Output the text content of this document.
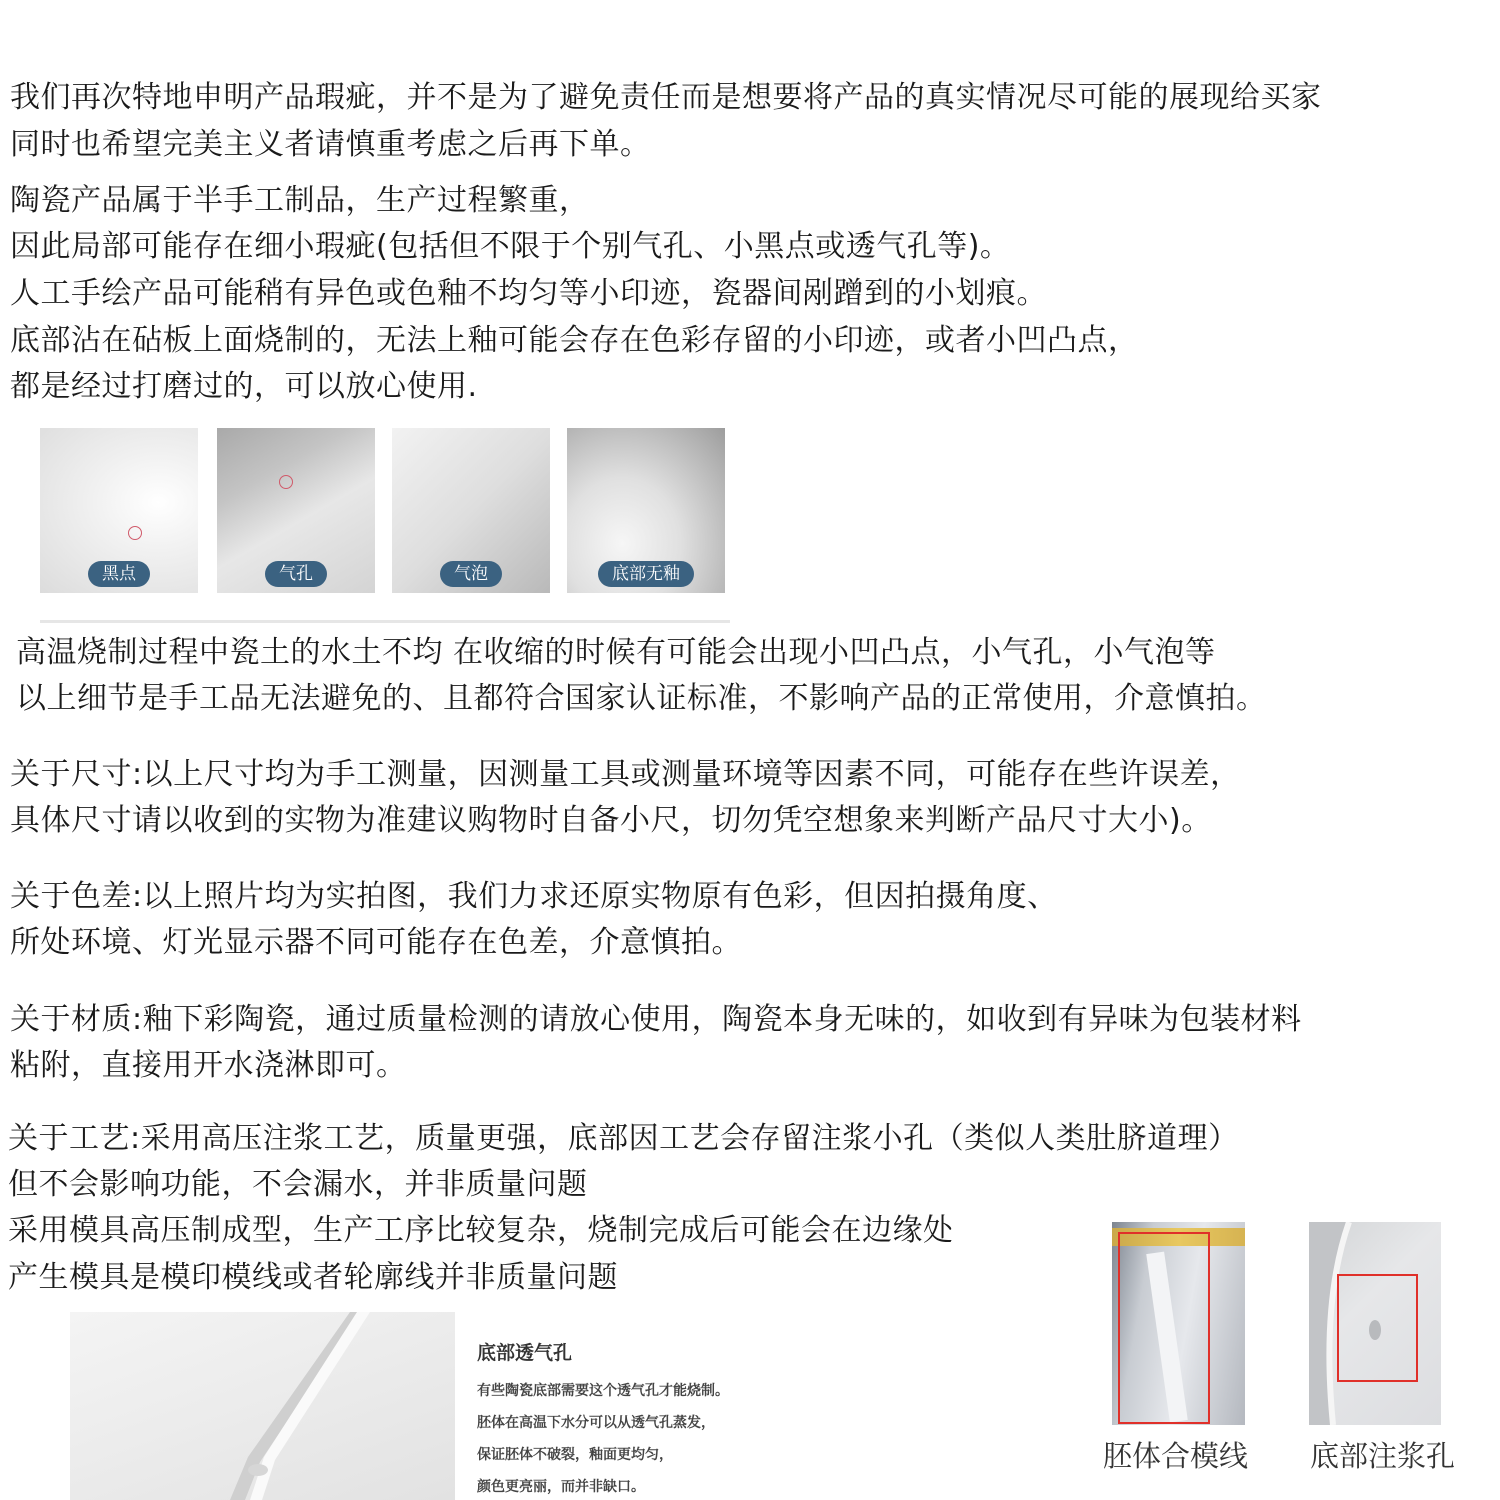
我们再次特地申明产品瑕疵，并不是为了避免责任而是想要将产品的真实情况尽可能的展现给买家
同时也希望完美主义者请慎重考虑之后再下单。
陶瓷产品属于半手工制品，生产过程繁重，
因此局部可能存在细小瑕疵(包括但不限于个别气孔、小黑点或透气孔等)。
人工手绘产品可能稍有异色或色釉不均匀等小印迹，瓷器间剐蹭到的小划痕。
底部沾在砧板上面烧制的，无法上釉可能会存在色彩存留的小印迹，或者小凹凸点，
都是经过打磨过的，可以放心使用.
黑点	气孔	气泡	底部无釉
高温烧制过程中瓷土的水土不均 在收缩的时候有可能会出现小凹凸点，小气孔，小气泡等
以上细节是手工品无法避免的、且都符合国家认证标准，不影响产品的正常使用，介意慎拍。
关于尺寸:以上尺寸均为手工测量，因测量工具或测量环境等因素不同，可能存在些许误差，
具体尺寸请以收到的实物为准建议购物时自备小尺，切勿凭空想象来判断产品尺寸大小)。
关于色差:以上照片均为实拍图，我们力求还原实物原有色彩，但因拍摄角度、
所处环境、灯光显示器不同可能存在色差，介意慎拍。
关于材质:釉下彩陶瓷，通过质量检测的请放心使用，陶瓷本身无味的，如收到有异味为包装材料
粘附，直接用开水浇淋即可。
关于工艺:采用高压注浆工艺，质量更强，底部因工艺会存留注浆小孔（类似人类肚脐道理）
但不会影响功能，不会漏水，并非质量问题
采用模具高压制成型，生产工序比较复杂，烧制完成后可能会在边缘处
产生模具是模印模线或者轮廓线并非质量问题
底部透气孔
有些陶瓷底部需要这个透气孔才能烧制。
胚体在高温下水分可以从透气孔蒸发，
保证胚体不破裂，釉面更均匀，
颜色更亮丽，而并非缺口。
胚体合模线 底部注浆孔
